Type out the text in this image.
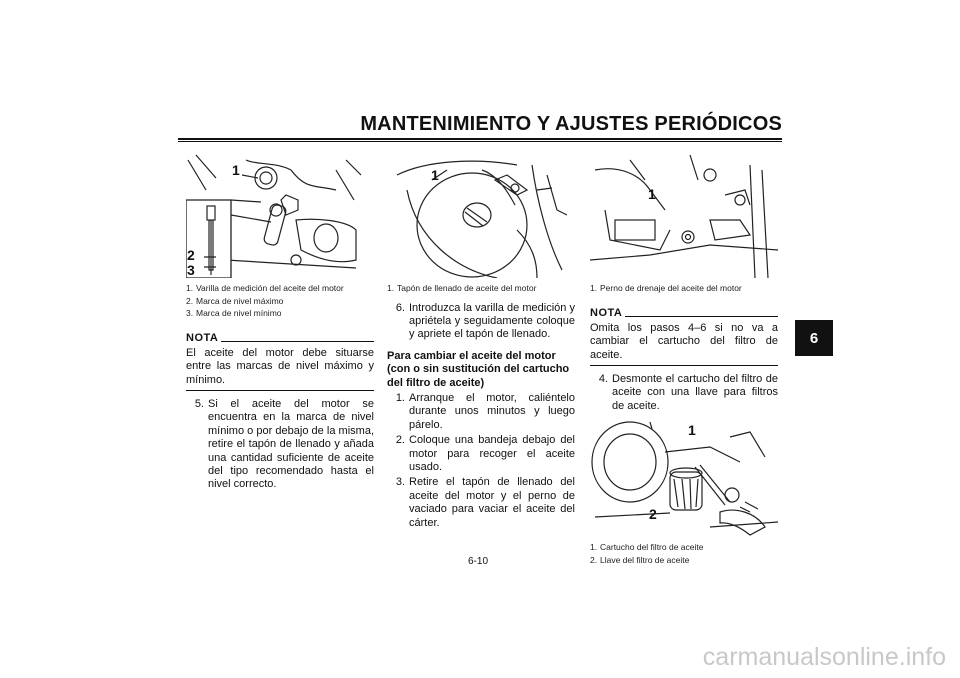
MANTENIMIENTO Y AJUSTES PERIÓDICOS
6
1
2
3
1. Varilla de medición del aceite del motor
2. Marca de nivel máximo
3. Marca de nivel mínimo
NOTA
El aceite del motor debe situarse entre las marcas de nivel máximo y mínimo.
5. Si el aceite del motor se encuentra en la marca de nivel mínimo o por debajo de la misma, retire el tapón de llenado y añada una cantidad suficiente de aceite del tipo recomendado hasta el nivel correcto.
1
1. Tapón de llenado de aceite del motor
6. Introduzca la varilla de medición y apriétela y seguidamente coloque y apriete el tapón de llenado.
Para cambiar el aceite del motor (con o sin sustitución del cartucho del filtro de aceite)
1. Arranque el motor, caliéntelo durante unos minutos y luego párelo.
2. Coloque una bandeja debajo del motor para recoger el aceite usado.
3. Retire el tapón de llenado del aceite del motor y el perno de vaciado para vaciar el aceite del cárter.
1
1. Perno de drenaje del aceite del motor
NOTA
Omita los pasos 4–6 si no va a cambiar el cartucho del filtro de aceite.
4. Desmonte el cartucho del filtro de aceite con una llave para filtros de aceite.
1
2
1. Cartucho del filtro de aceite
2. Llave del filtro de aceite
6-10
carmanualsonline.info
